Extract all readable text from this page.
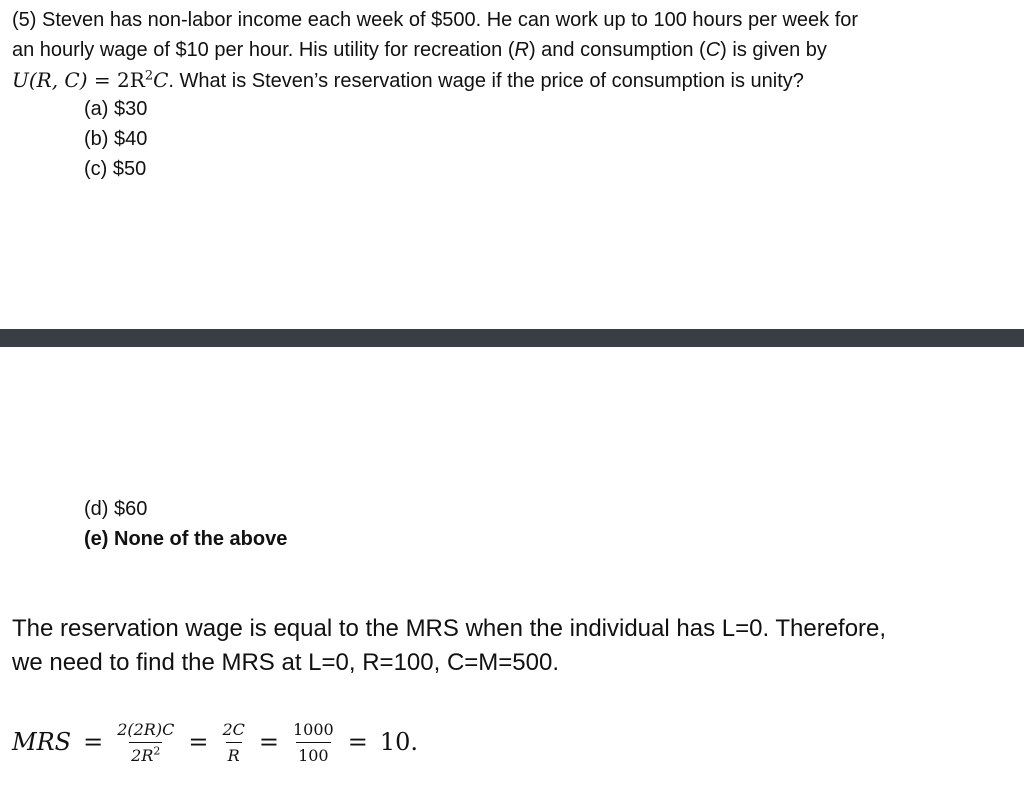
(5) Steven has non-labor income each week of $500. He can work up to 100 hours per week for
an hourly wage of $10 per hour. His utility for recreation (R) and consumption (C) is given by
U(R, $C) = 2R^2C$. What is Steven’s reservation wage if the price of consumption is unity?
(a) $30
(b) $40
(c) $50
(d) $60
(e) None of the above
The reservation wage is equal to the MRS when the individual has L=0. Therefore,
we need to find the MRS at L=0, R=100, C=M=500.
MRS = $\frac{2(2R)C}{2R^2} = \frac{2C}{R} = \frac{1000}{100} = 10$.
